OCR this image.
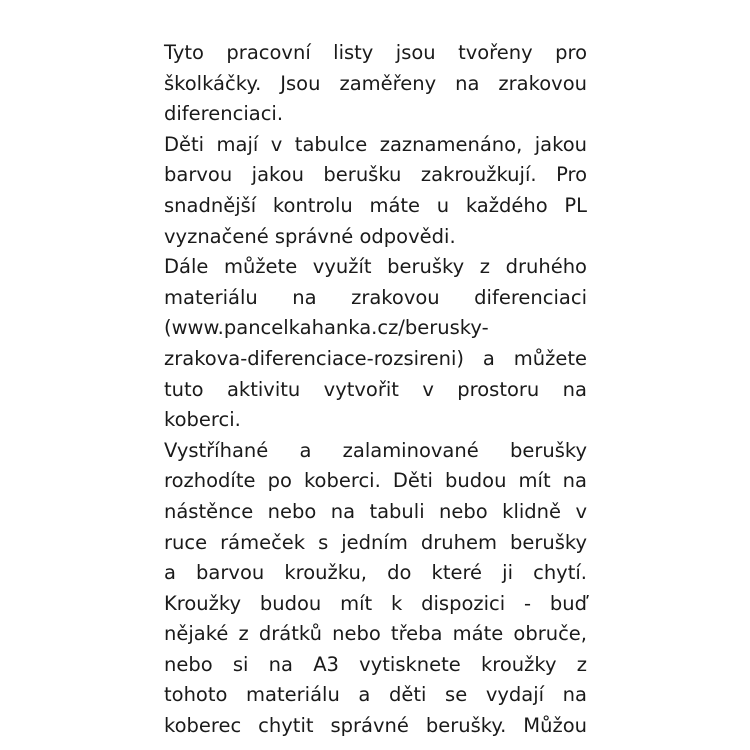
Tyto pracovní listy jsou tvořeny pro
školkáčky. Jsou zaměřeny na zrakovou
diferenciaci.

Děti mají v tabulce zaznamenáno, jakou
barvou jakou berušku zakroužkují. Pro
snadnější kontrolu máte u každého PL
vyznačené správné odpovědi.

Dále můžete využít berušky z druhého
materiálu na zrakovou diferenciaci
(www.pancelkahanka.cz/berusky-
zrakova-diferenciace-rozsireni) a můžete
tuto aktivitu vytvořit v prostoru na
koberci.

Vystříhané a zalaminované berušky
rozhodíte po koberci. Děti budou mít na
nástěnce nebo na tabuli nebo klidně v
ruce rámeček s jedním druhem berušky
a barvou kroužku, do které ji chytí.
Kroužky budou mít k dispozici - buď
nějaké z drátků nebo třeba máte obruče,
nebo si na A3 vytisknete kroužky z
tohoto materiálu a děti se vydají na
koberec chytit správné berušky. Můžou
